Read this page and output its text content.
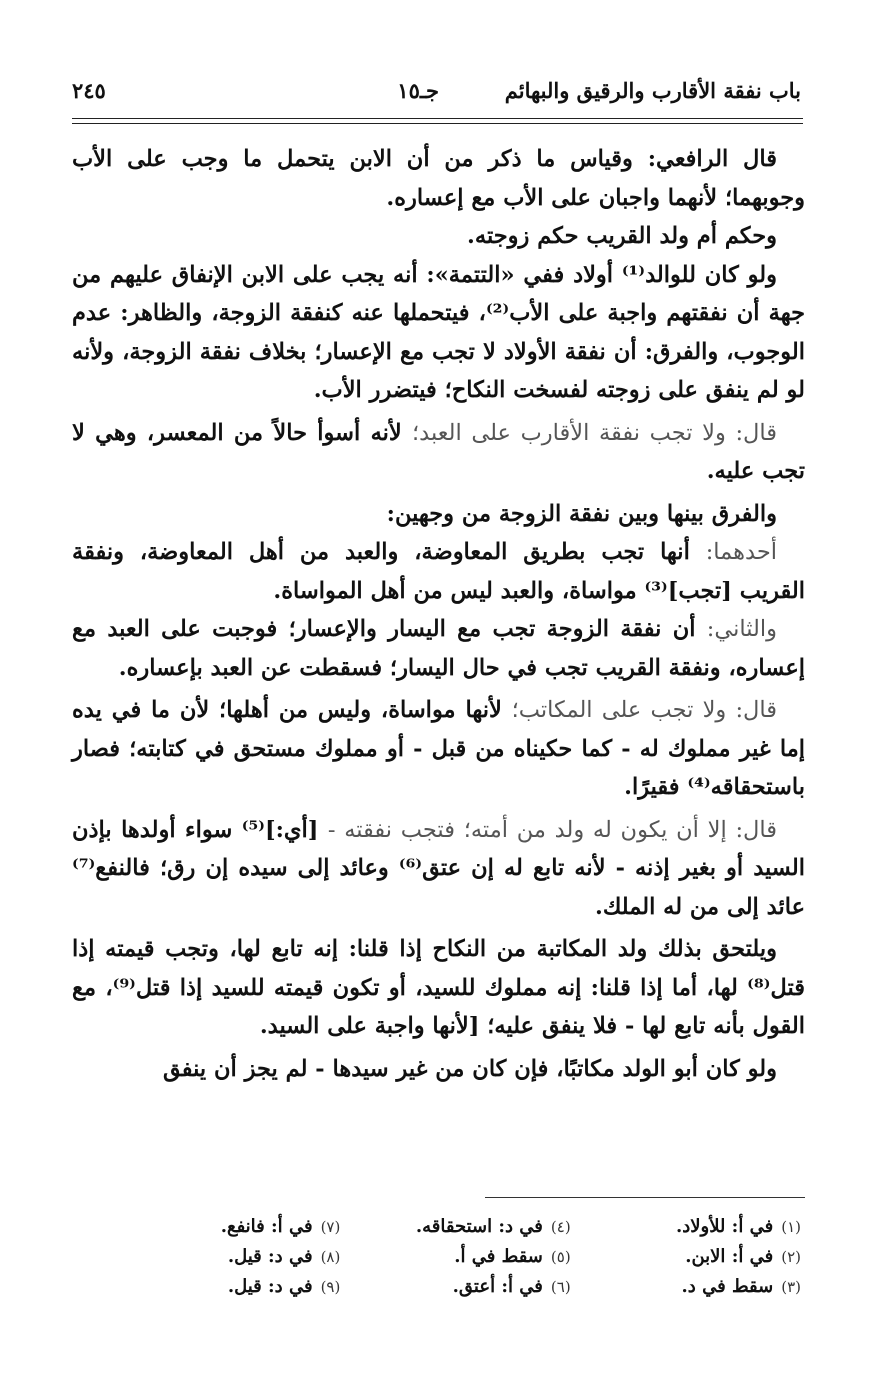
باب نفقة الأقارب والرقيق والبهائم
جـ١٥
٢٤٥

قال الرافعي: وقياس ما ذكر من أن الابن يتحمل ما وجب على الأب وجوبهما؛ لأنهما واجبان على الأب مع إعساره.

وحكم أم ولد القريب حكم زوجته.

ولو كان للوالد⁽¹⁾ أولاد ففي «التتمة»: أنه يجب على الابن الإنفاق عليهم من جهة أن نفقتهم واجبة على الأب⁽²⁾، فيتحملها عنه كنفقة الزوجة، والظاهر: عدم الوجوب، والفرق: أن نفقة الأولاد لا تجب مع الإعسار؛ بخلاف نفقة الزوجة، ولأنه لو لم ينفق على زوجته لفسخت النكاح؛ فيتضرر الأب.

قال: ولا تجب نفقة الأقارب على العبد؛ لأنه أسوأ حالاً من المعسر، وهي لا تجب عليه.

والفرق بينها وبين نفقة الزوجة من وجهين:

أحدهما: أنها تجب بطريق المعاوضة، والعبد من أهل المعاوضة، ونفقة القريب [تجب]⁽³⁾ مواساة، والعبد ليس من أهل المواساة.

والثاني: أن نفقة الزوجة تجب مع اليسار والإعسار؛ فوجبت على العبد مع إعساره، ونفقة القريب تجب في حال اليسار؛ فسقطت عن العبد بإعساره.

قال: ولا تجب على المكاتب؛ لأنها مواساة، وليس من أهلها؛ لأن ما في يده إما غير مملوك له - كما حكيناه من قبل - أو مملوك مستحق في كتابته؛ فصار باستحقاقه⁽⁴⁾ فقيرًا.

قال: إلا أن يكون له ولد من أمته؛ فتجب نفقته - [أي:]⁽⁵⁾ سواء أولدها بإذن السيد أو بغير إذنه - لأنه تابع له إن عتق⁽⁶⁾ وعائد إلى سيده إن رق؛ فالنفع⁽⁷⁾ عائد إلى من له الملك.

ويلتحق بذلك ولد المكاتبة من النكاح إذا قلنا: إنه تابع لها، وتجب قيمته إذا قتل⁽⁸⁾ لها، أما إذا قلنا: إنه مملوك للسيد، أو تكون قيمته للسيد إذا قتل⁽⁹⁾، مع القول بأنه تابع لها - فلا ينفق عليه؛ [لأنها واجبة على السيد.

ولو كان أبو الولد مكاتبًا، فإن كان من غير سيدها - لم يجز أن ينفق

(١)في أ: للأولاد.
(٢)في أ: الابن.
(٣)سقط في د.
(٤)في د: استحقاقه.
(٥)سقط في أ.
(٦)في أ: أعتق.
(٧)في أ: فانفع.
(٨)في د: قيل.
(٩)في د: قيل.
